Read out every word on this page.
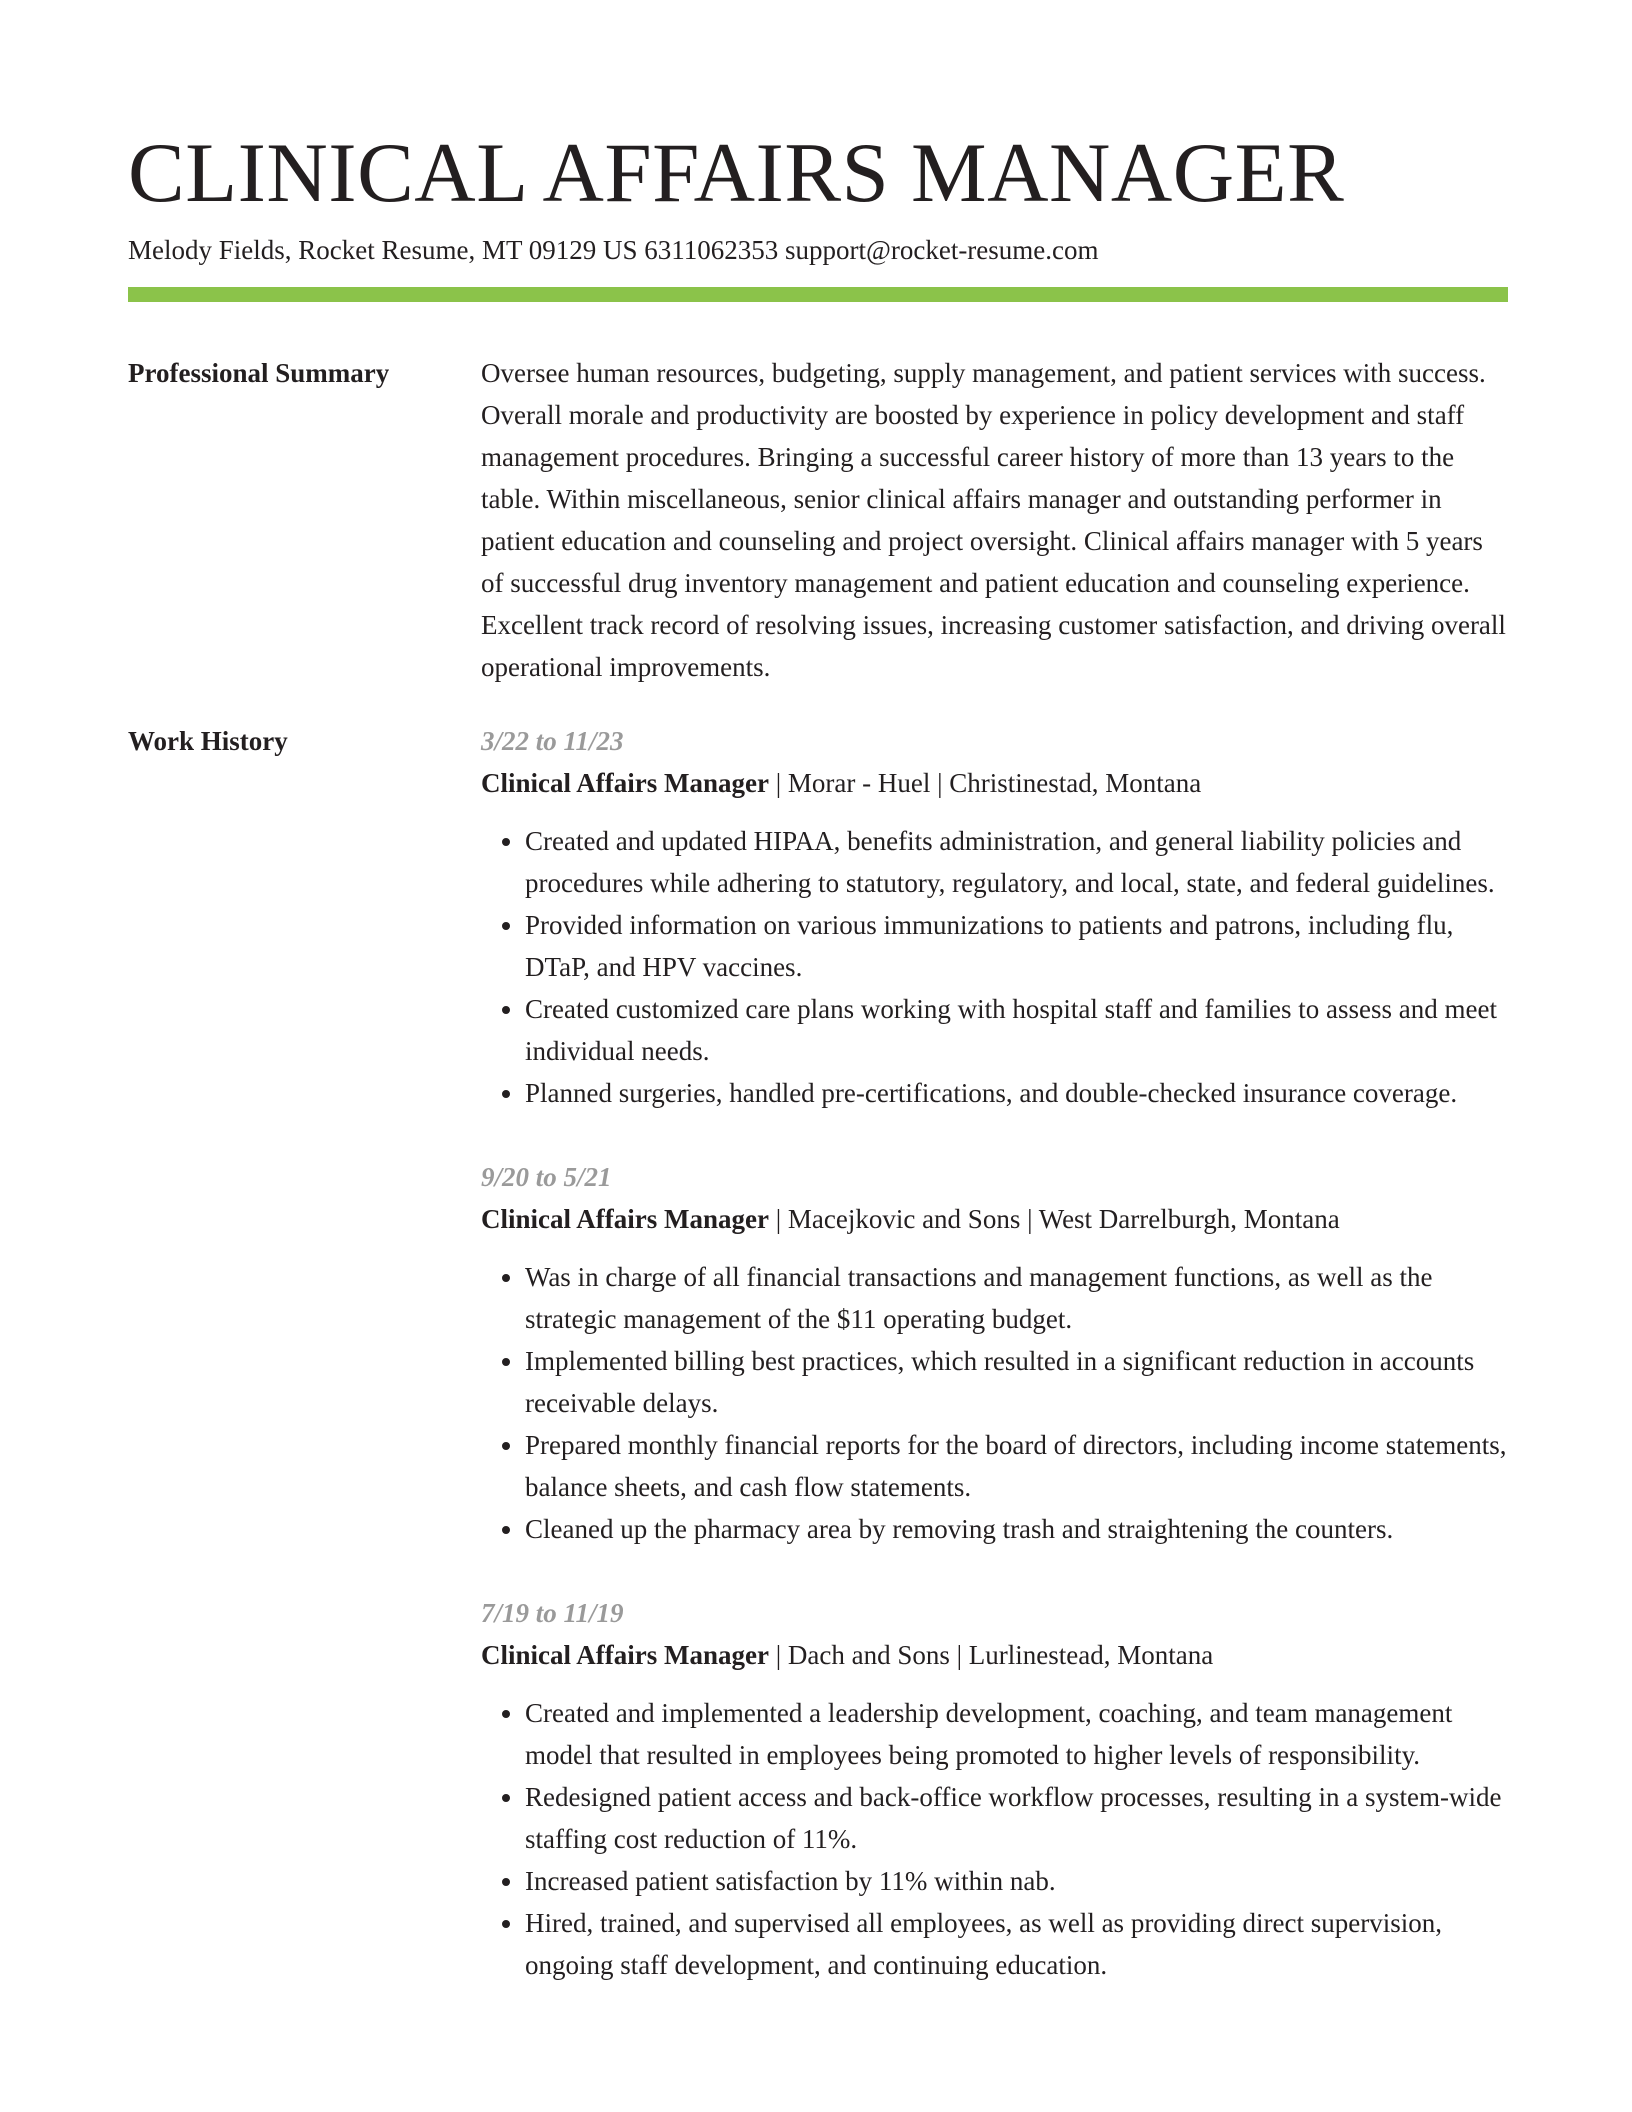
CLINICAL AFFAIRS MANAGER
Melody Fields, Rocket Resume, MT 09129 US 6311062353 support@rocket-resume.com
Professional Summary	Oversee human resources, budgeting, supply management, and patient services with success. Overall morale and productivity are boosted by experience in policy development and staff management procedures. Bringing a successful career history of more than 13 years to the table. Within miscellaneous, senior clinical affairs manager and outstanding performer in patient education and counseling and project oversight. Clinical affairs manager with 5 years of successful drug inventory management and patient education and counseling experience. Excellent track record of resolving issues, increasing customer satisfaction, and driving overall operational improvements.

Work History	3/22 to 11/23
Clinical Affairs Manager | Morar - Huel | Christinestad, Montana
• Created and updated HIPAA, benefits administration, and general liability policies and procedures while adhering to statutory, regulatory, and local, state, and federal guidelines.
• Provided information on various immunizations to patients and patrons, including flu, DTaP, and HPV vaccines.
• Created customized care plans working with hospital staff and families to assess and meet individual needs.
• Planned surgeries, handled pre-certifications, and double-checked insurance coverage.
9/20 to 5/21
Clinical Affairs Manager | Macejkovic and Sons | West Darrelburgh, Montana
• Was in charge of all financial transactions and management functions, as well as the strategic management of the $11 operating budget.
• Implemented billing best practices, which resulted in a significant reduction in accounts receivable delays.
• Prepared monthly financial reports for the board of directors, including income statements, balance sheets, and cash flow statements.
• Cleaned up the pharmacy area by removing trash and straightening the counters.
7/19 to 11/19
Clinical Affairs Manager | Dach and Sons | Lurlinestead, Montana
• Created and implemented a leadership development, coaching, and team management model that resulted in employees being promoted to higher levels of responsibility.
• Redesigned patient access and back-office workflow processes, resulting in a system-wide staffing cost reduction of 11%.
• Increased patient satisfaction by 11% within nab.
• Hired, trained, and supervised all employees, as well as providing direct supervision, ongoing staff development, and continuing education.
